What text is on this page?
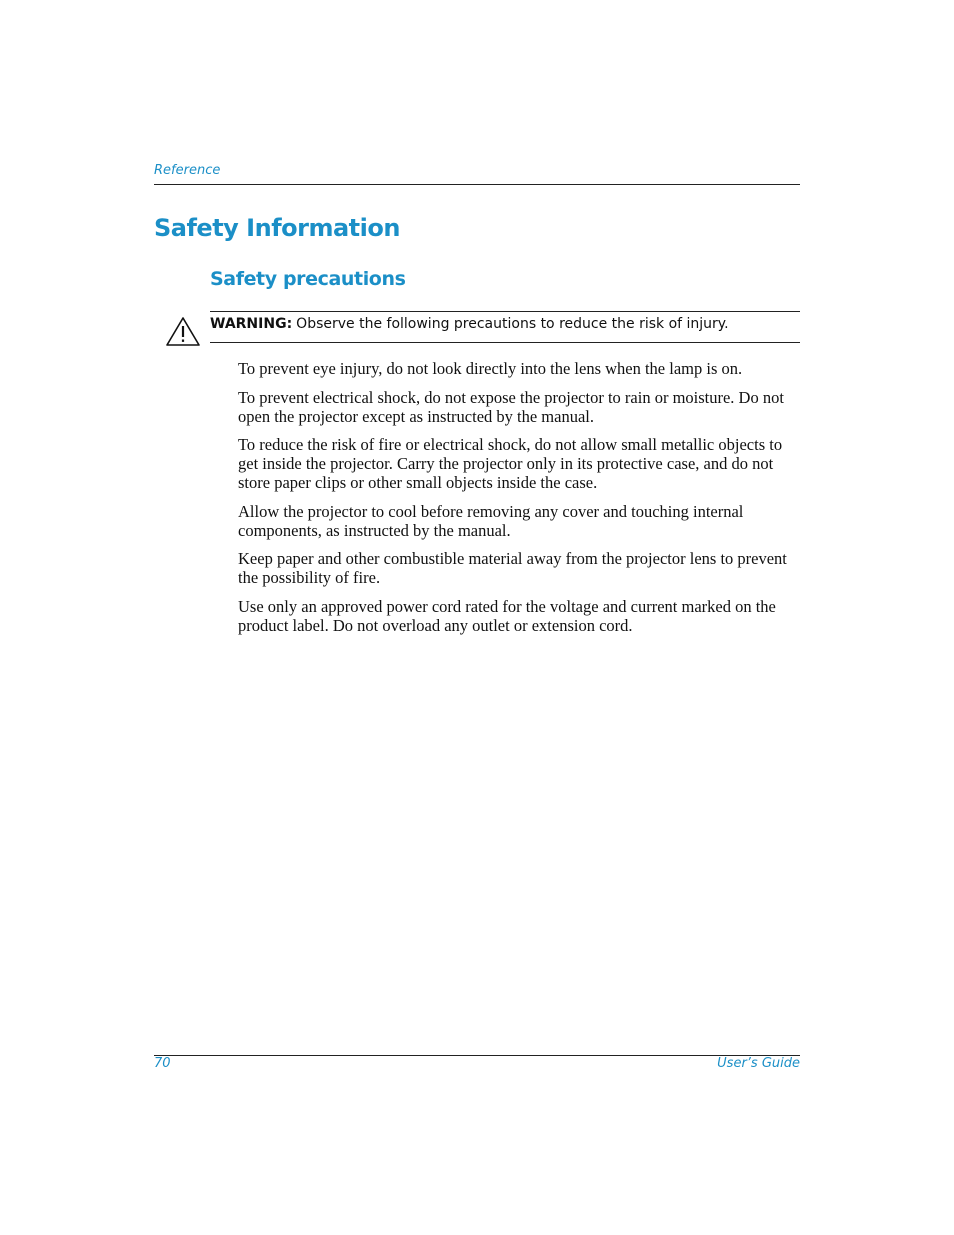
Reference
Safety Information
Safety precautions
WARNING: Observe the following precautions to reduce the risk of injury.

To prevent eye injury, do not look directly into the lens when the lamp is on.

To prevent electrical shock, do not expose the projector to rain or moisture. Do not open the projector except as instructed by the manual.

To reduce the risk of fire or electrical shock, do not allow small metallic objects to get inside the projector. Carry the projector only in its protective case, and do not store paper clips or other small objects inside the case.

Allow the projector to cool before removing any cover and touching internal components, as instructed by the manual.

Keep paper and other combustible material away from the projector lens to prevent the possibility of fire.

Use only an approved power cord rated for the voltage and current marked on the product label. Do not overload any outlet or extension cord.

70	User’s Guide
